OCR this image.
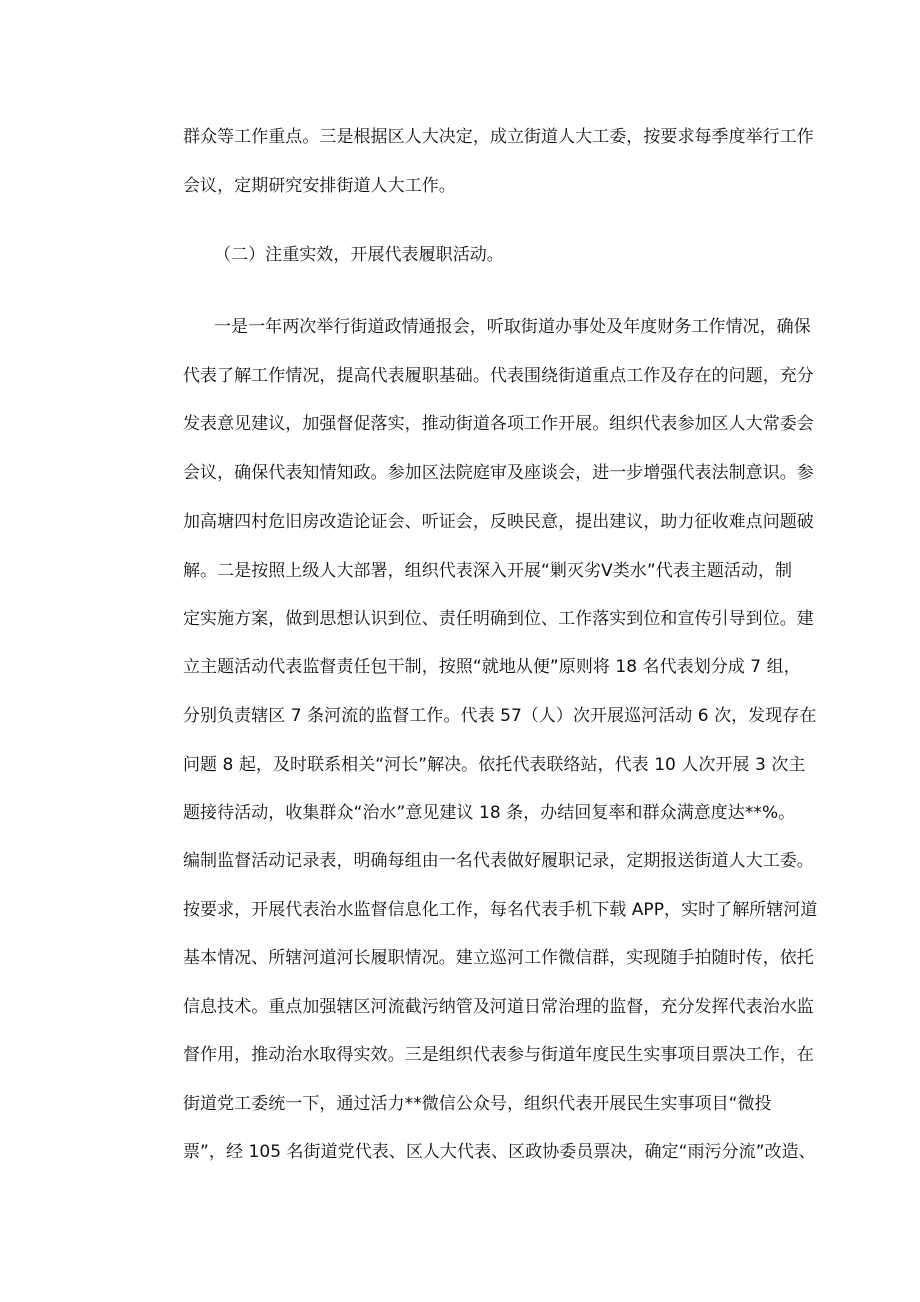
群众等工作重点。三是根据区人大决定，成立街道人大工委，按要求每季度举行工作
会议，定期研究安排街道人大工作。
（二）注重实效，开展代表履职活动。
一是一年两次举行街道政情通报会，听取街道办事处及年度财务工作情况，确保
代表了解工作情况，提高代表履职基础。代表围绕街道重点工作及存在的问题，充分
发表意见建议，加强督促落实，推动街道各项工作开展。组织代表参加区人大常委会
会议，确保代表知情知政。参加区法院庭审及座谈会，进一步增强代表法制意识。参
加高塘四村危旧房改造论证会、听证会，反映民意，提出建议，助力征收难点问题破
解。二是按照上级人大部署，组织代表深入开展“剿灭劣Ⅴ类水”代表主题活动，制
定实施方案，做到思想认识到位、责任明确到位、工作落实到位和宣传引导到位。建
立主题活动代表监督责任包干制，按照“就地从便”原则将 18 名代表划分成 7 组，
分别负责辖区 7 条河流的监督工作。代表 57（人）次开展巡河活动 6 次，发现存在
问题 8 起，及时联系相关“河长”解决。依托代表联络站，代表 10 人次开展 3 次主
题接待活动，收集群众“治水”意见建议 18 条，办结回复率和群众满意度达**%。
编制监督活动记录表，明确每组由一名代表做好履职记录，定期报送街道人大工委。
按要求，开展代表治水监督信息化工作，每名代表手机下载 APP，实时了解所辖河道
基本情况、所辖河道河长履职情况。建立巡河工作微信群，实现随手拍随时传，依托
信息技术。重点加强辖区河流截污纳管及河道日常治理的监督，充分发挥代表治水监
督作用，推动治水取得实效。三是组织代表参与街道年度民生实事项目票决工作，在
街道党工委统一下，通过活力**微信公众号，组织代表开展民生实事项目“微投
票”，经 105 名街道党代表、区人大代表、区政协委员票决，确定“雨污分流”改造、
